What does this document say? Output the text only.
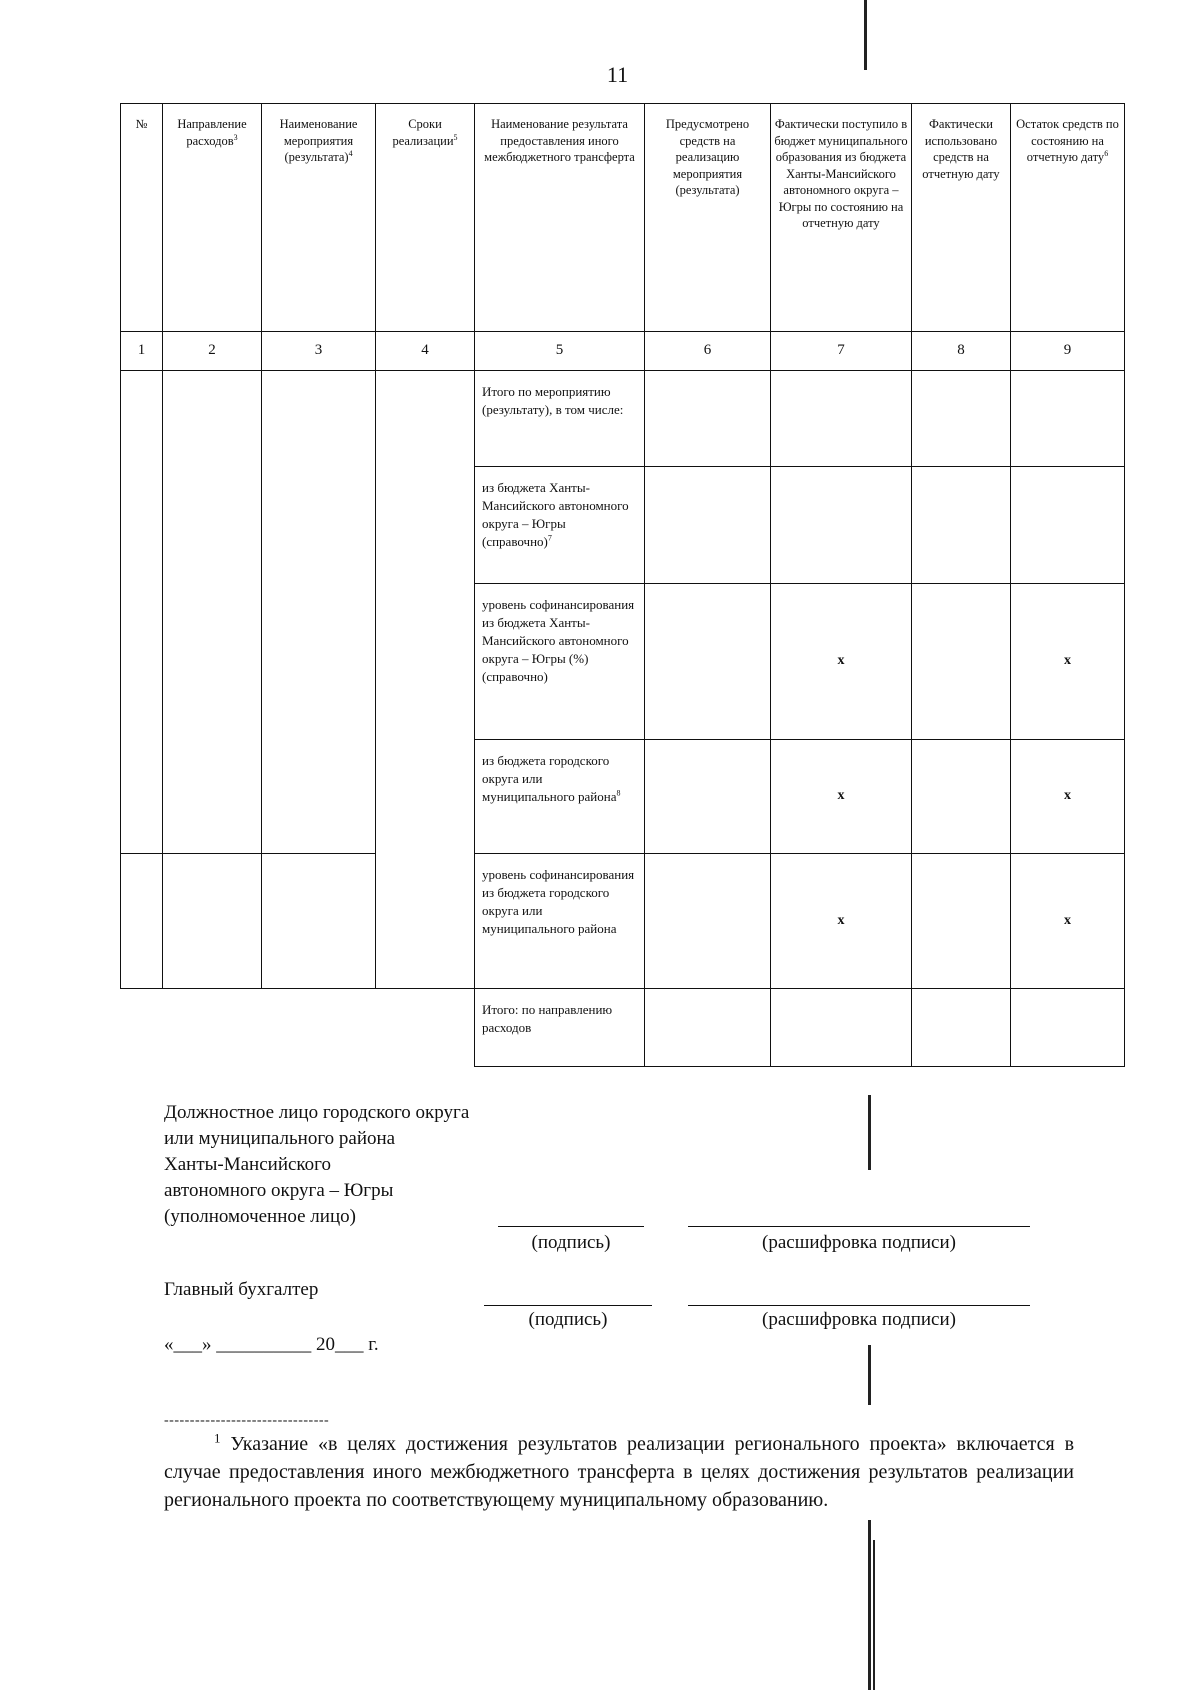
11
№	Направление расходов$^3$	Наименование мероприятия (результата)$^4$	Сроки реализации$^5$	Наименование результата предоставления иного межбюджетного трансферта	Предусмотрено средств на реализацию мероприятия (результата)	Фактически поступило в бюджет муниципального образования из бюджета Ханты-Мансийского автономного округа – Югры по состоянию на отчетную дату	Фактически использовано средств на отчетную дату	Остаток средств по состоянию на отчетную дату$^6$
1	2	3	4	5	6	7	8	9
				Итого по мероприятию (результату), в том числе:				
				из бюджета Ханты-Мансийского автономного округа – Югры (справочно)$^7$				
				уровень софинансирования из бюджета Ханты-Мансийского автономного округа – Югры (%) (справочно)		x		x
				из бюджета городского округа или муниципального района$^8$		x		x
				уровень софинансирования из бюджета городского округа или муниципального района		x		x
				Итого: по направлению расходов				
Должностное лицо городского округа
или муниципального района
Ханты-Мансийского
автономного округа – Югры
(уполномоченное лицо)
(подпись)	(расшифровка подписи)
Главный бухгалтер
(подпись)	(расшифровка подписи)
«___» __________ 20___ г.
--------------------------------
$^1$ Указание «в целях достижения результатов реализации регионального проекта» включается в случае предоставления иного межбюджетного трансферта в целях достижения результатов реализации регионального проекта по соответствующему муниципальному образованию.
